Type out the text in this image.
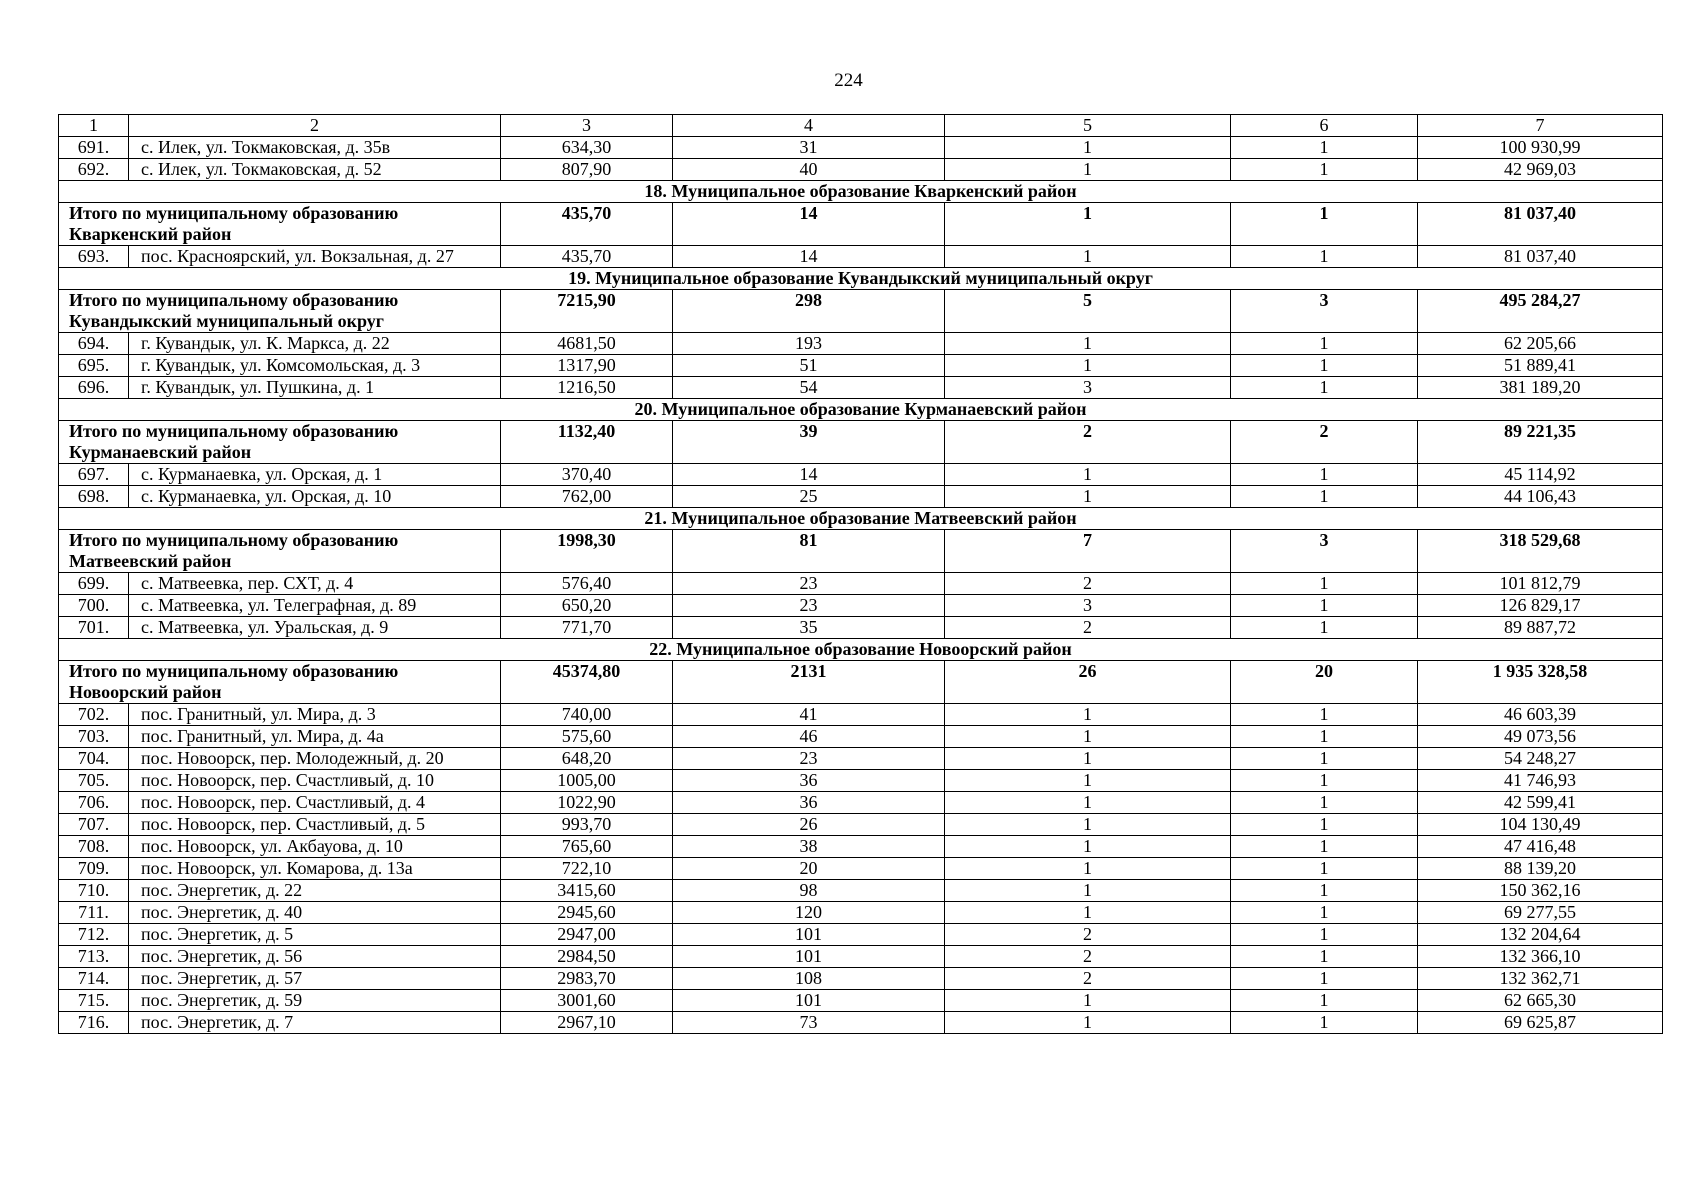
224
1	2	3	4	5	6	7
691.	с. Илек, ул. Токмаковская, д. 35в	634,30	31	1	1	100 930,99
692.	с. Илек, ул. Токмаковская, д. 52	807,90	40	1	1	42 969,03
18. Муниципальное образование Кваркенский район						
Итого по муниципальному образованию Кваркенский район		435,70	14	1	1	81 037,40
693.	пос. Красноярский, ул. Вокзальная, д. 27	435,70	14	1	1	81 037,40
19. Муниципальное образование Кувандыкский муниципальный округ						
Итого по муниципальному образованию Кувандыкский муниципальный округ		7215,90	298	5	3	495 284,27
694.	г. Кувандык, ул. К. Маркса, д. 22	4681,50	193	1	1	62 205,66
695.	г. Кувандык, ул. Комсомольская, д. 3	1317,90	51	1	1	51 889,41
696.	г. Кувандык, ул. Пушкина, д. 1	1216,50	54	3	1	381 189,20
20. Муниципальное образование Курманаевский район						
Итого по муниципальному образованию Курманаевский район		1132,40	39	2	2	89 221,35
697.	с. Курманаевка, ул. Орская, д. 1	370,40	14	1	1	45 114,92
698.	с. Курманаевка, ул. Орская, д. 10	762,00	25	1	1	44 106,43
21. Муниципальное образование Матвеевский район						
Итого по муниципальному образованию Матвеевский район		1998,30	81	7	3	318 529,68
699.	с. Матвеевка, пер. СХТ, д. 4	576,40	23	2	1	101 812,79
700.	с. Матвеевка, ул. Телеграфная, д. 89	650,20	23	3	1	126 829,17
701.	с. Матвеевка, ул. Уральская, д. 9	771,70	35	2	1	89 887,72
22. Муниципальное образование Новоорский район						
Итого по муниципальному образованию Новоорский район		45374,80	2131	26	20	1 935 328,58
702.	пос. Гранитный, ул. Мира, д. 3	740,00	41	1	1	46 603,39
703.	пос. Гранитный, ул. Мира, д. 4а	575,60	46	1	1	49 073,56
704.	пос. Новоорск, пер. Молодежный, д. 20	648,20	23	1	1	54 248,27
705.	пос. Новоорск, пер. Счастливый, д. 10	1005,00	36	1	1	41 746,93
706.	пос. Новоорск, пер. Счастливый, д. 4	1022,90	36	1	1	42 599,41
707.	пос. Новоорск, пер. Счастливый, д. 5	993,70	26	1	1	104 130,49
708.	пос. Новоорск, ул. Акбауова, д. 10	765,60	38	1	1	47 416,48
709.	пос. Новоорск, ул. Комарова, д. 13а	722,10	20	1	1	88 139,20
710.	пос. Энергетик, д. 22	3415,60	98	1	1	150 362,16
711.	пос. Энергетик, д. 40	2945,60	120	1	1	69 277,55
712.	пос. Энергетик, д. 5	2947,00	101	2	1	132 204,64
713.	пос. Энергетик, д. 56	2984,50	101	2	1	132 366,10
714.	пос. Энергетик, д. 57	2983,70	108	2	1	132 362,71
715.	пос. Энергетик, д. 59	3001,60	101	1	1	62 665,30
716.	пос. Энергетик, д. 7	2967,10	73	1	1	69 625,87
